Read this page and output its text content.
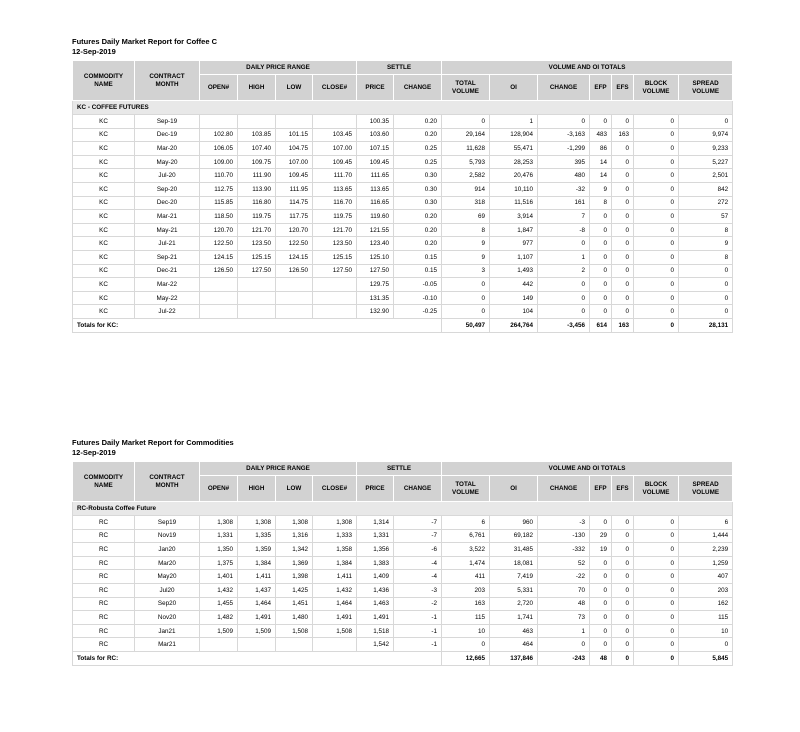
Futures Daily Market Report for Coffee C
12-Sep-2019
COMMODITY NAME	CONTRACT MONTH	DAILY PRICE RANGE				SETTLE		VOLUME AND OI TOTALS						
		OPEN#	HIGH	LOW	CLOSE#	PRICE	CHANGE	TOTAL VOLUME	OI	CHANGE	EFP	EFS	BLOCK VOLUME	SPREAD VOLUME
KC - COFFEE FUTURES														
KC	Sep-19					100.35	0.20	0	1	0	0	0	0	0
KC	Dec-19	102.80	103.85	101.15	103.45	103.60	0.20	29,164	128,904	-3,163	483	163	0	9,974
KC	Mar-20	106.05	107.40	104.75	107.00	107.15	0.25	11,628	55,471	-1,299	86	0	0	9,233
KC	May-20	109.00	109.75	107.00	109.45	109.45	0.25	5,793	28,253	395	14	0	0	5,227
KC	Jul-20	110.70	111.90	109.45	111.70	111.65	0.30	2,582	20,476	480	14	0	0	2,501
KC	Sep-20	112.75	113.90	111.95	113.65	113.65	0.30	914	10,110	-32	9	0	0	842
KC	Dec-20	115.85	116.80	114.75	116.70	116.65	0.30	318	11,516	161	8	0	0	272
KC	Mar-21	118.50	119.75	117.75	119.75	119.60	0.20	69	3,914	7	0	0	0	57
KC	May-21	120.70	121.70	120.70	121.70	121.55	0.20	8	1,847	-8	0	0	0	8
KC	Jul-21	122.50	123.50	122.50	123.50	123.40	0.20	9	977	0	0	0	0	9
KC	Sep-21	124.15	125.15	124.15	125.15	125.10	0.15	9	1,107	1	0	0	0	8
KC	Dec-21	126.50	127.50	126.50	127.50	127.50	0.15	3	1,493	2	0	0	0	0
KC	Mar-22					129.75	-0.05	0	442	0	0	0	0	0
KC	May-22					131.35	-0.10	0	149	0	0	0	0	0
KC	Jul-22					132.90	-0.25	0	104	0	0	0	0	0
Totals for KC:								50,497	264,764	-3,456	614	163	0	28,131
Futures Daily Market Report for Commodities
12-Sep-2019
COMMODITY NAME	CONTRACT MONTH	DAILY PRICE RANGE				SETTLE		VOLUME AND OI TOTALS						
		OPEN#	HIGH	LOW	CLOSE#	PRICE	CHANGE	TOTAL VOLUME	OI	CHANGE	EFP	EFS	BLOCK VOLUME	SPREAD VOLUME
RC-Robusta Coffee Future														
RC	Sep19	1,308	1,308	1,308	1,308	1,314	-7	6	960	-3	0	0	0	6
RC	Nov19	1,331	1,335	1,316	1,333	1,331	-7	6,761	69,182	-130	29	0	0	1,444
RC	Jan20	1,350	1,359	1,342	1,358	1,356	-6	3,522	31,485	-332	19	0	0	2,239
RC	Mar20	1,375	1,384	1,369	1,384	1,383	-4	1,474	18,081	52	0	0	0	1,259
RC	May20	1,401	1,411	1,398	1,411	1,409	-4	411	7,419	-22	0	0	0	407
RC	Jul20	1,432	1,437	1,425	1,432	1,436	-3	203	5,331	70	0	0	0	203
RC	Sep20	1,455	1,464	1,451	1,464	1,463	-2	163	2,720	48	0	0	0	162
RC	Nov20	1,482	1,491	1,480	1,491	1,491	-1	115	1,741	73	0	0	0	115
RC	Jan21	1,509	1,509	1,508	1,508	1,518	-1	10	463	1	0	0	0	10
RC	Mar21					1,542	-1	0	464	0	0	0	0	0
Totals for RC:								12,665	137,846	-243	48	0	0	5,845
